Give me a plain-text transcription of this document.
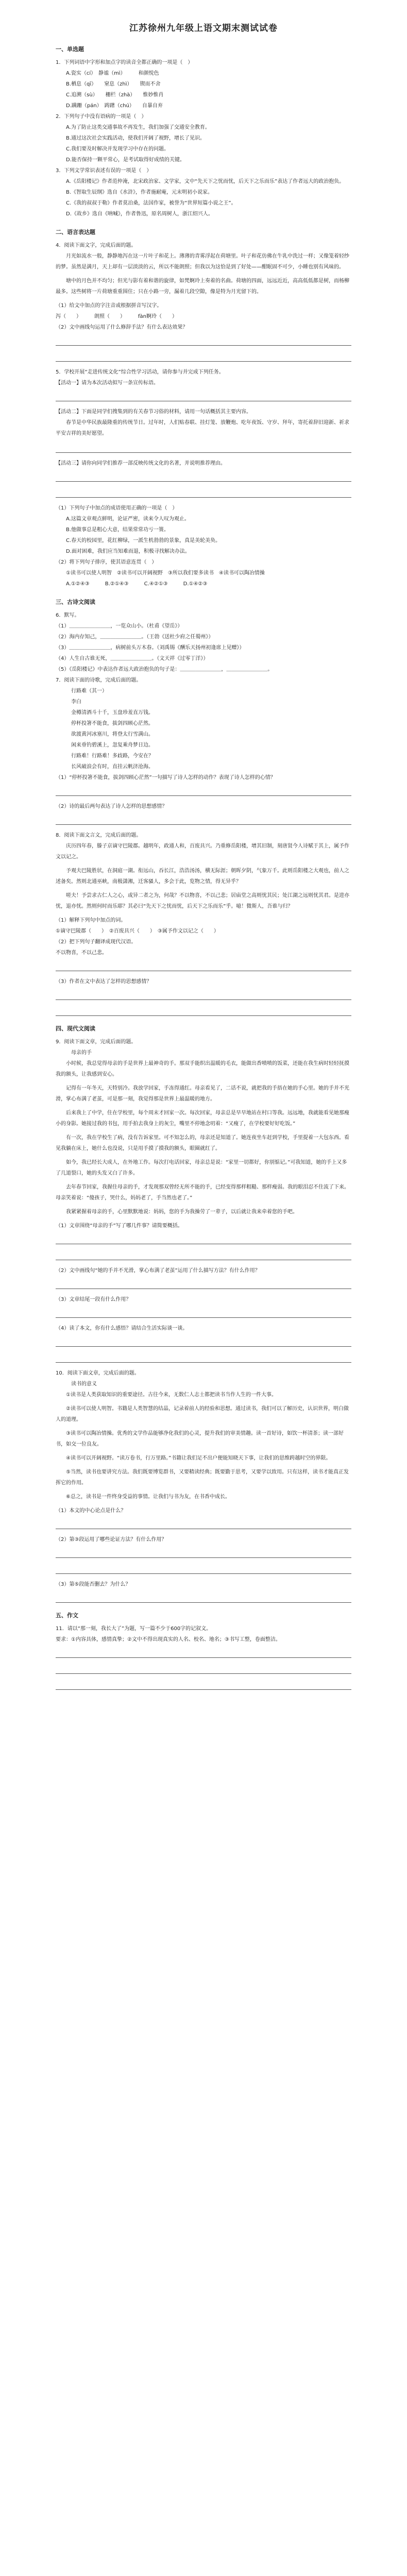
江苏徐州九年级上语文期末测试试卷
一、单选题
1．下列词语中字形和加点字的读音全都正确的一项是（　）
A.瓷实（cí）　静谧（mì）　　　和颜悦色
B.栖息（qī）　　窒息（zhì）　　锲而不舍
C.追溯（sù）　　栅栏（zhà）　　惟妙惟肖
D.蹒跚（pán）　踌躇（chú）　　自暴自弃
2．下列句子中没有语病的一项是（　）
A.为了防止这类交通事故不再发生，我们加强了交通安全教育。
B.通过这次社会实践活动，使我们开阔了视野，增长了见识。
C.我们要及时解决并发现学习中存在的问题。
D.能否保持一颗平常心，是考试取得好成绩的关键。
3．下列文学常识表述有误的一项是（　）
A.《岳阳楼记》作者范仲淹，北宋政治家、文学家，文中“先天下之忧而忧，后天下之乐而乐”表达了作者远大的政治抱负。
B.《智取生辰纲》选自《水浒》，作者施耐庵，元末明初小说家。
C.《我的叔叔于勒》作者莫泊桑，法国作家，被誉为“世界短篇小说之王”。
D.《故乡》选自《呐喊》，作者鲁迅，原名周树人，浙江绍兴人。
二、语言表达题
4．阅读下面文字，完成后面的题。
月光如流水一般，静静地泻在这一片叶子和花上。薄薄的青雾浮起在荷塘里。叶子和花仿佛在牛乳中洗过一样；又像笼着轻纱的梦。虽然是满月，天上却有一层淡淡的云，所以不能朗照；但我以为这恰是到了好处——酣眠固不可少，小睡也别有风味的。
塘中的月色并不均匀；但光与影有着和谐的旋律，如梵婀玲上奏着的名曲。荷塘的四面，远远近近，高高低低都是树，而杨柳最多。这些树将一片荷塘重重围住；只在小路一旁，漏着几段空隙，像是特为月光留下的。
（1）给文中加点的字注音或根据拼音写汉字。
泻（　　）　　　朗照（　　）　　　fàn婀玲（　　）
（2）文中画线句运用了什么修辞手法？有什么表达效果？
5．学校开展“走进传统文化”综合性学习活动，请你参与并完成下列任务。
【活动一】请为本次活动拟写一条宣传标语。
【活动二】下面是同学们搜集到的有关春节习俗的材料，请用一句话概括其主要内容。
春节是中华民族最隆重的传统节日。过年时，人们贴春联、挂灯笼、放鞭炮、吃年夜饭、守岁、拜年，寄托着辞旧迎新、祈求平安吉祥的美好愿望。
【活动三】请你向同学们推荐一部反映传统文化的名著，并说明推荐理由。
（1）下列句子中加点的成语使用正确的一项是（　）
A.这篇文章观点鲜明，论证严密，读来令人叹为观止。
B.他做事总是粗心大意，结果常常功亏一篑。
C.春天的校园里，花红柳绿，一派生机勃勃的景象，真是美轮美奂。
D.面对困难，我们应当知难而退，积极寻找解决办法。
（2）将下列句子排序，使其语意连贯（　）
①读书可以使人明智　②读书可以开阔视野　③所以我们要多读书　④读书可以陶冶情操
A.①②④③　　　B.②①④③　　　C.④②①③　　　D.①④②③
三、古诗文阅读
6．默写。
（1）＿＿＿＿＿＿＿＿，一览众山小。（杜甫《望岳》）
（2）海内存知己，＿＿＿＿＿＿＿＿。（王勃《送杜少府之任蜀州》）
（3）＿＿＿＿＿＿＿＿，病树前头万木春。（刘禹锡《酬乐天扬州初逢席上见赠》）
（4）人生自古谁无死，＿＿＿＿＿＿＿＿。（文天祥《过零丁洋》）
（5）《岳阳楼记》中表达作者远大政治抱负的句子是：＿＿＿＿＿＿＿＿，＿＿＿＿＿＿＿＿。
7．阅读下面的诗歌，完成后面的题。
行路难（其一）
李白
金樽清酒斗十千，玉盘珍羞直万钱。
停杯投箸不能食，拔剑四顾心茫然。
欲渡黄河冰塞川，将登太行雪满山。
闲来垂钓碧溪上，忽复乘舟梦日边。
行路难！行路难！多歧路，今安在？
长风破浪会有时，直挂云帆济沧海。
（1）“停杯投箸不能食，拔剑四顾心茫然”一句描写了诗人怎样的动作？表现了诗人怎样的心情？
（2）诗的最后两句表达了诗人怎样的思想感情？
8．阅读下面文言文，完成后面的题。
庆历四年春，滕子京谪守巴陵郡。越明年，政通人和，百废具兴。乃重修岳阳楼，增其旧制，刻唐贤今人诗赋于其上，属予作文以记之。
予观夫巴陵胜状，在洞庭一湖。衔远山，吞长江，浩浩汤汤，横无际涯；朝晖夕阴，气象万千。此则岳阳楼之大观也，前人之述备矣。然则北通巫峡，南极潇湘，迁客骚人，多会于此，览物之情，得无异乎？
嗟夫！予尝求古仁人之心，或异二者之为，何哉？不以物喜，不以己悲；居庙堂之高则忧其民；处江湖之远则忧其君。是进亦忧，退亦忧。然则何时而乐耶？其必曰“先天下之忧而忧，后天下之乐而乐”乎。噫！微斯人，吾谁与归？
（1）解释下列句中加点的词。
①谪守巴陵郡（　　）　②百废具兴（　　）　③属予作文以记之（　　）
（2）把下列句子翻译成现代汉语。
不以物喜，不以己悲。
（3）作者在文中表达了怎样的思想感情？
四、现代文阅读
9．阅读下面文章，完成后面的题。
母亲的手
小时候，我总觉得母亲的手是世界上最神奇的手。那双手能织出温暖的毛衣，能做出香喷喷的饭菜，还能在我生病时轻轻抚摸我的额头，让我感到安心。
记得有一年冬天，天特别冷。我放学回家，手冻得通红。母亲看见了，二话不说，就把我的手捂在她的手心里。她的手并不光滑，掌心布满了老茧，可是那一刻，我觉得那是世界上最温暖的地方。
后来我上了中学，住在学校里，每个周末才回家一次。每次回家，母亲总是早早地站在村口等我。远远地，我就能看见她那瘦小的身影。她接过我的书包，用手拍去我身上的灰尘，嘴里不停地念叨着：“又瘦了，在学校要好好吃饭。”
有一次，我在学校生了病，没有告诉家里。可不知怎么的，母亲还是知道了。她连夜坐车赶到学校，手里提着一大包东西。看见我躺在床上，她什么也没说，只是用手摸了摸我的额头，眼圈就红了。
如今，我已经长大成人，在外地工作。每次打电话回家，母亲总是说：“家里一切都好，你别惦记。”可我知道，她的手上又多了几道裂口，她的头发又白了许多。
去年春节回家，我握住母亲的手，才发现那双曾经无所不能的手，已经变得那样粗糙、那样瘦弱。我的眼泪忍不住流了下来。母亲笑着说：“傻孩子，哭什么，妈妈老了，手当然也老了。”
我紧紧握着母亲的手，心里默默地说：妈妈，您的手为我操劳了一辈子，以后就让我来牵着您的手吧。
（1）文章围绕“母亲的手”写了哪几件事？请简要概括。
（2）文中画线句“她的手并不光滑，掌心布满了老茧”运用了什么描写方法？有什么作用？
（3）文章结尾一段有什么作用？
（4）读了本文，你有什么感悟？请结合生活实际谈一谈。
10．阅读下面文章，完成后面的题。
读书的意义
①读书是人类获取知识的重要途径。古往今来，无数仁人志士都把读书当作人生的一件大事。
②读书可以使人明智。书籍是人类智慧的结晶，记录着前人的经验和思想。通过读书，我们可以了解历史，认识世界，明白做人的道理。
③读书可以陶冶情操。优秀的文学作品能够净化我们的心灵，提升我们的审美情趣。读一首好诗，如饮一杯清茶；读一部好书，如交一位良友。
④读书可以开阔视野。“读万卷书，行万里路。”书籍让我们足不出户便能知晓天下事，让我们的思维跨越时空的界限。
⑤当然，读书也要讲究方法。我们既要博览群书，又要精读经典；既要勤于思考，又要学以致用。只有这样，读书才能真正发挥它的作用。
⑥总之，读书是一件终身受益的事情。让我们与书为友，在书香中成长。
（1）本文的中心论点是什么？
（2）第③段运用了哪些论证方法？有什么作用？
（3）第⑤段能否删去？为什么？
五、作文
11．请以“那一刻，我长大了”为题，写一篇不少于600字的记叙文。
要求：①内容具体，感情真挚；②文中不得出现真实的人名、校名、地名；③书写工整，卷面整洁。
